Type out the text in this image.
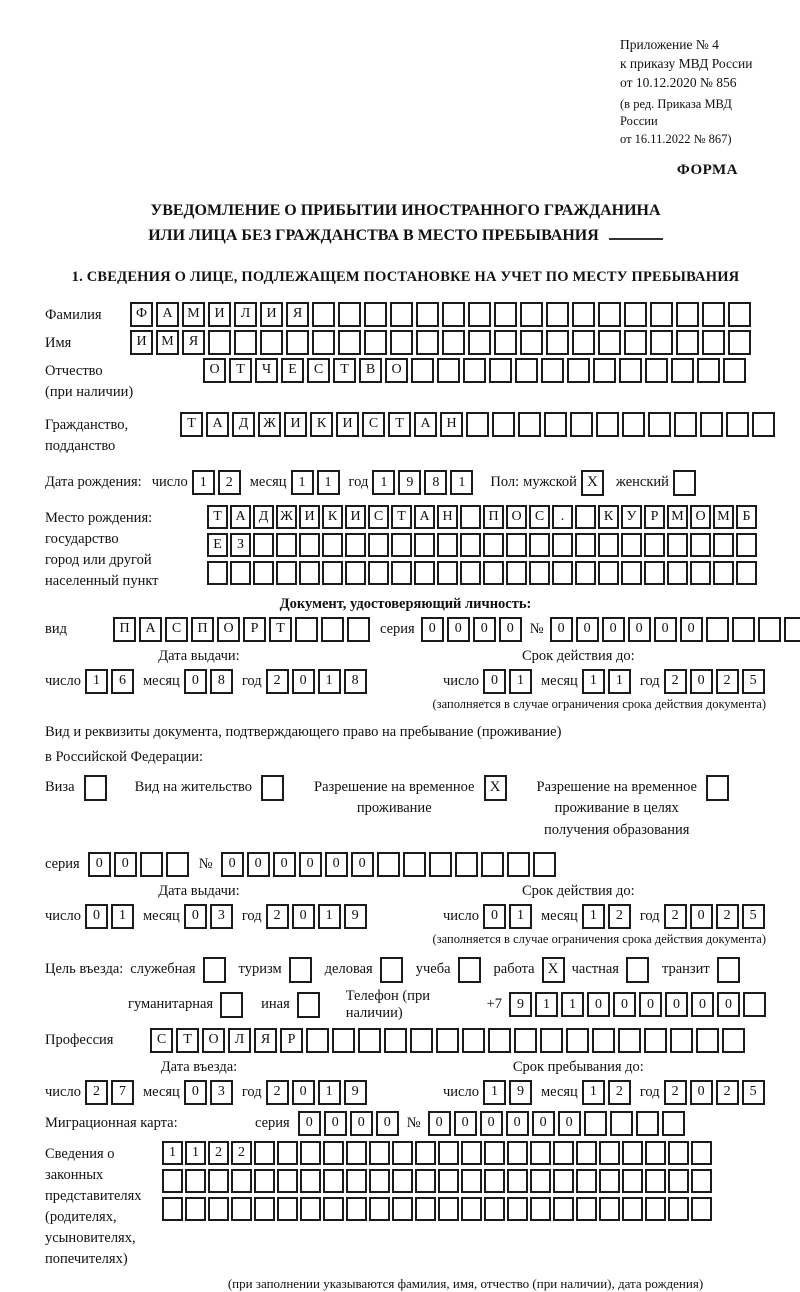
Приложение № 4
к приказу МВД России
от 10.12.2020 № 856
(в ред. Приказа МВД России
от 16.11.2022 № 867)
ФОРМА
УВЕДОМЛЕНИЕ О ПРИБЫТИИ ИНОСТРАННОГО ГРАЖДАНИНА
ИЛИ ЛИЦА БЕЗ ГРАЖДАНСТВА В МЕСТО ПРЕБЫВАНИЯ
1. СВЕДЕНИЯ О ЛИЦЕ, ПОДЛЕЖАЩЕМ ПОСТАНОВКЕ НА УЧЕТ ПО МЕСТУ ПРЕБЫВАНИЯ
Фамилия	Ф	А	М	И	Л	И	Я
Имя	И	М	Я
Отчество
(при наличии)
О	Т	Ч	Е	С	Т	В	О
Гражданство,
подданство
Т	А	Д	Ж	И	К	И	С	Т	А	Н
Дата рождения: число 1	2	месяц 1	1	год 1	9	8	1	Пол: мужской X	женский
Место рождения:
государство
город или другой
населенный пункт
Т А Д Ж И К И С	Т А Н	П О С	.	К У	Р М О М Б
Е	З
Документ, удостоверяющий личность:
вид	П	А	С	П	О	Р	Т	серия	0	0	0	0	№	0	0	0	0	0	0
Дата выдачи:
число 1	6	месяц 0	8	год 2	0	1	8
Срок действия до:
число 0	1	месяц 1	1	год 2	0	2	5
(заполняется в случае ограничения срока действия документа)
Вид и реквизиты документа, подтверждающего право на пребывание (проживание)
в Российской Федерации:
Виза	Вид на жительство	Разрешение на временное
проживание
X	Разрешение на временное
проживание в целях
получения образования
серия	0	0	№	0	0	0	0	0	0
Дата выдачи:
число 0	1	месяц 0	3	год 2	0	1	9
Срок действия до:
число 0	1	месяц 1	2	год 2	0	2	5
(заполняется в случае ограничения срока действия документа)
Цель въезда: служебная	туризм	деловая	учеба	работа X частная	транзит
гуманитарная	иная
Телефон (при наличии)
+7	9	1	1	0	0	0	0	0	0
Профессия	С	Т	О	Л	Я	Р
Дата въезда:
число 2	7	месяц 0	3	год 2	0	1	9
Срок пребывания до:
число 1	9	месяц 1	2	год 2	0	2	5
Миграционная карта:	серия	0	0	0	0	№	0	0	0	0	0	0
Сведения о
законных
представителях
(родителях,
усыновителях,
попечителях)
1	1	2	2
(при заполнении указываются фамилия, имя, отчество (при наличии), дата рождения)
